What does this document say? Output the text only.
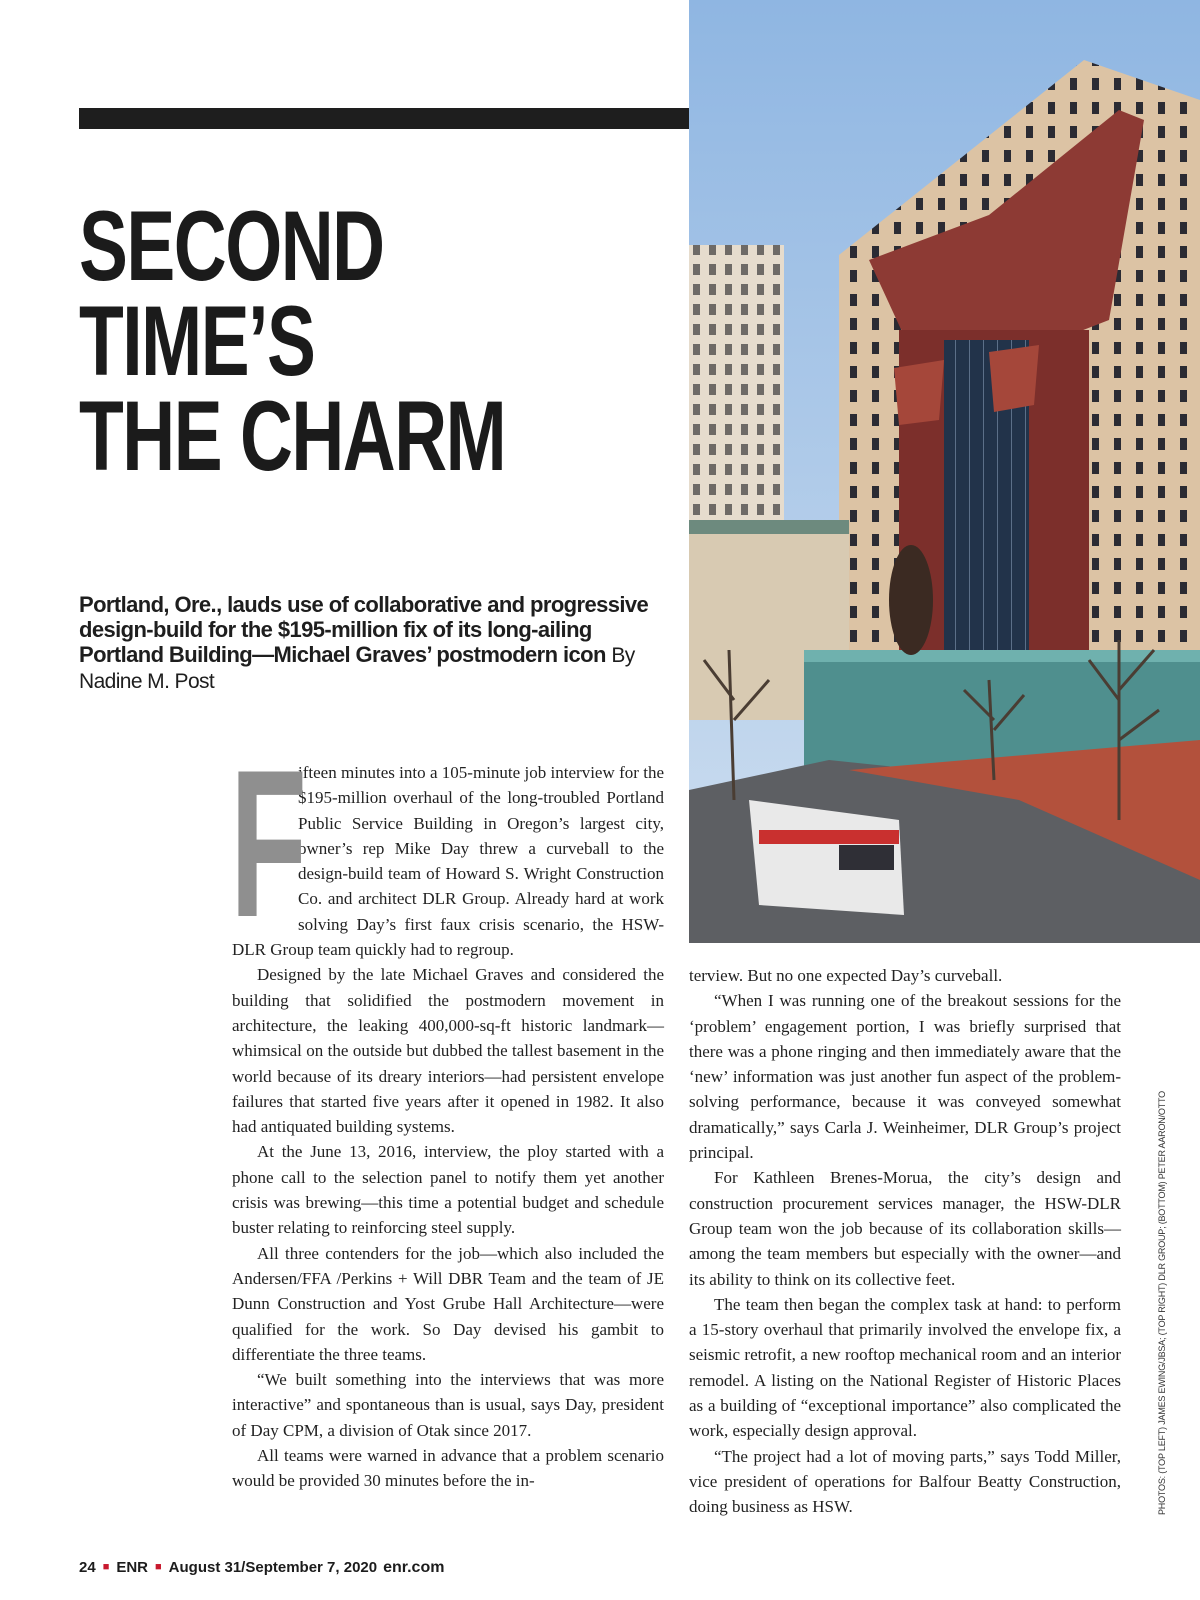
SECOND
TIME’S
THE CHARM

Portland, Ore., lauds use of collaborative and progressive design-build for the $195-million fix of its long-ailing Portland Building—Michael Graves’ postmodern icon By Nadine M. Post

F

ifteen minutes into a 105-minute job interview for the $195-million overhaul of the long-troubled Portland Public Service Building in Oregon’s largest city, owner’s rep Mike Day threw a curveball to the design-build team of Howard S. Wright Construction Co. and architect DLR Group. Already hard at work solving Day’s first faux crisis scenario, the HSW-DLR Group team quickly had to regroup.

Designed by the late Michael Graves and considered the building that solidified the postmodern movement in architecture, the leaking 400,000-sq-ft historic landmark—whimsical on the outside but dubbed the tallest basement in the world because of its dreary interiors—had persistent envelope failures that started five years after it opened in 1982. It also had antiquated building systems.

At the June 13, 2016, interview, the ploy started with a phone call to the selection panel to notify them yet another crisis was brewing—this time a potential budget and schedule buster relating to reinforcing steel supply.

All three contenders for the job—which also included the Andersen/FFA /Perkins + Will DBR Team and the team of JE Dunn Construction and Yost Grube Hall Architecture—were qualified for the work. So Day devised his gambit to differentiate the three teams.

“We built something into the interviews that was more interactive” and spontaneous than is usual, says Day, president of Day CPM, a division of Otak since 2017.

All teams were warned in advance that a problem scenario would be provided 30 minutes before the in-

terview. But no one expected Day’s curveball.

“When I was running one of the breakout sessions for the ‘problem’ engagement portion, I was briefly surprised that there was a phone ringing and then immediately aware that the ‘new’ information was just another fun aspect of the problem-solving performance, because it was conveyed somewhat dramatically,” says Carla J. Weinheimer, DLR Group’s project principal.

For Kathleen Brenes-Morua, the city’s design and construction procurement services manager, the HSW-DLR Group team won the job because of its collaboration skills—among the team members but especially with the owner—and its ability to think on its collective feet.

The team then began the complex task at hand: to perform a 15-story overhaul that primarily involved the envelope fix, a seismic retrofit, a new rooftop mechanical room and an interior remodel. A listing on the National Register of Historic Places as a building of “exceptional importance” also complicated the work, especially design approval.

“The project had a lot of moving parts,” says Todd Miller, vice president of operations for Balfour Beatty Construction, doing business as HSW.	PHOTOS: (TOP LEFT) JAMES EWING/JBSA; (TOP RIGHT) DLR GROUP; (BOTTOM) PETER AARON/OTTO
24 ■ ENR ■ August 31/September 7, 2020 enr.com
